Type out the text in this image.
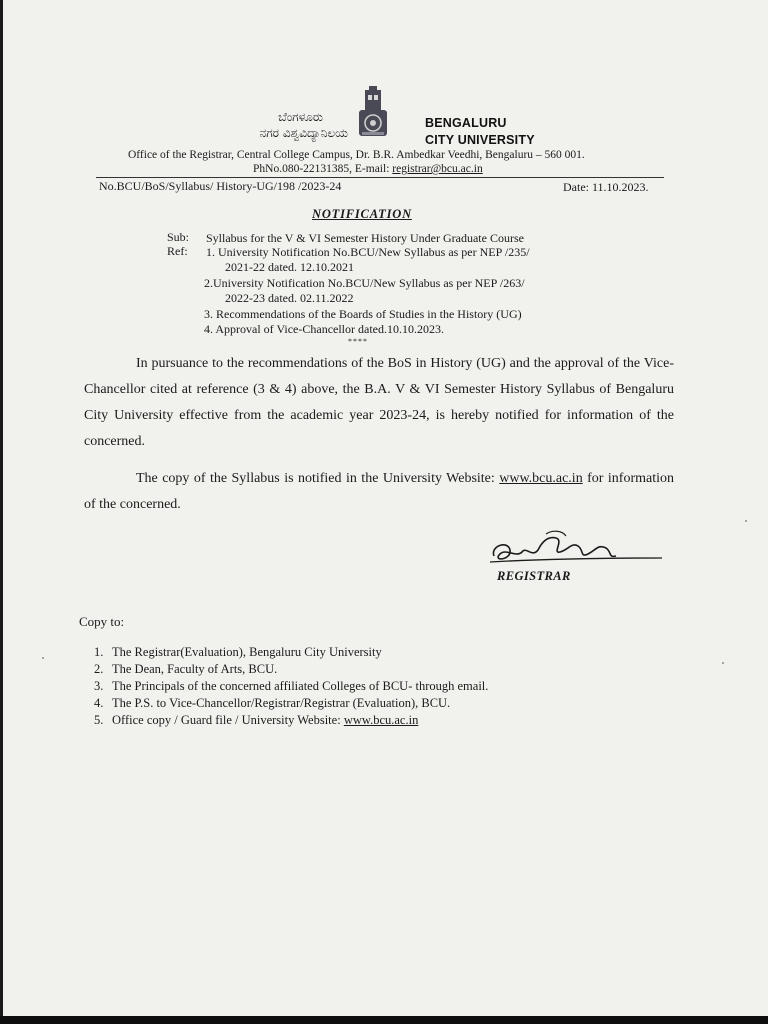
ಬೆಂಗಳೂರು
ನಗರ ವಿಶ್ವವಿದ್ಯಾನಿಲಯ
BENGALURU
CITY UNIVERSITY
Office of the Registrar, Central College Campus, Dr. B.R. Ambedkar Veedhi, Bengaluru – 560 001.
PhNo.080-22131385, E-mail: registrar@bcu.ac.in
No.BCU/BoS/Syllabus/ History-UG/198 /2023-24	Date: 11.10.2023.
NOTIFICATION
Sub: Syllabus for the V & VI Semester History Under Graduate Course
Ref: 1. University Notification No.BCU/New Syllabus as per NEP /235/
2021-22 dated. 12.10.2021
2.University Notification No.BCU/New Syllabus as per NEP /263/
2022-23 dated. 02.11.2022
3. Recommendations of the Boards of Studies in the History (UG)
4. Approval of Vice-Chancellor dated.10.10.2023.
****
In pursuance to the recommendations of the BoS in History (UG) and the approval of the Vice-Chancellor cited at reference (3 & 4) above, the B.A. V & VI Semester History Syllabus of Bengaluru City University effective from the academic year 2023-24, is hereby notified for information of the concerned.
The copy of the Syllabus is notified in the University Website: www.bcu.ac.in for information of the concerned.
REGISTRAR
Copy to:
1. The Registrar(Evaluation), Bengaluru City University
2. The Dean, Faculty of Arts, BCU.
3. The Principals of the concerned affiliated Colleges of BCU- through email.
4. The P.S. to Vice-Chancellor/Registrar/Registrar (Evaluation), BCU.
5. Office copy / Guard file / University Website: www.bcu.ac.in
